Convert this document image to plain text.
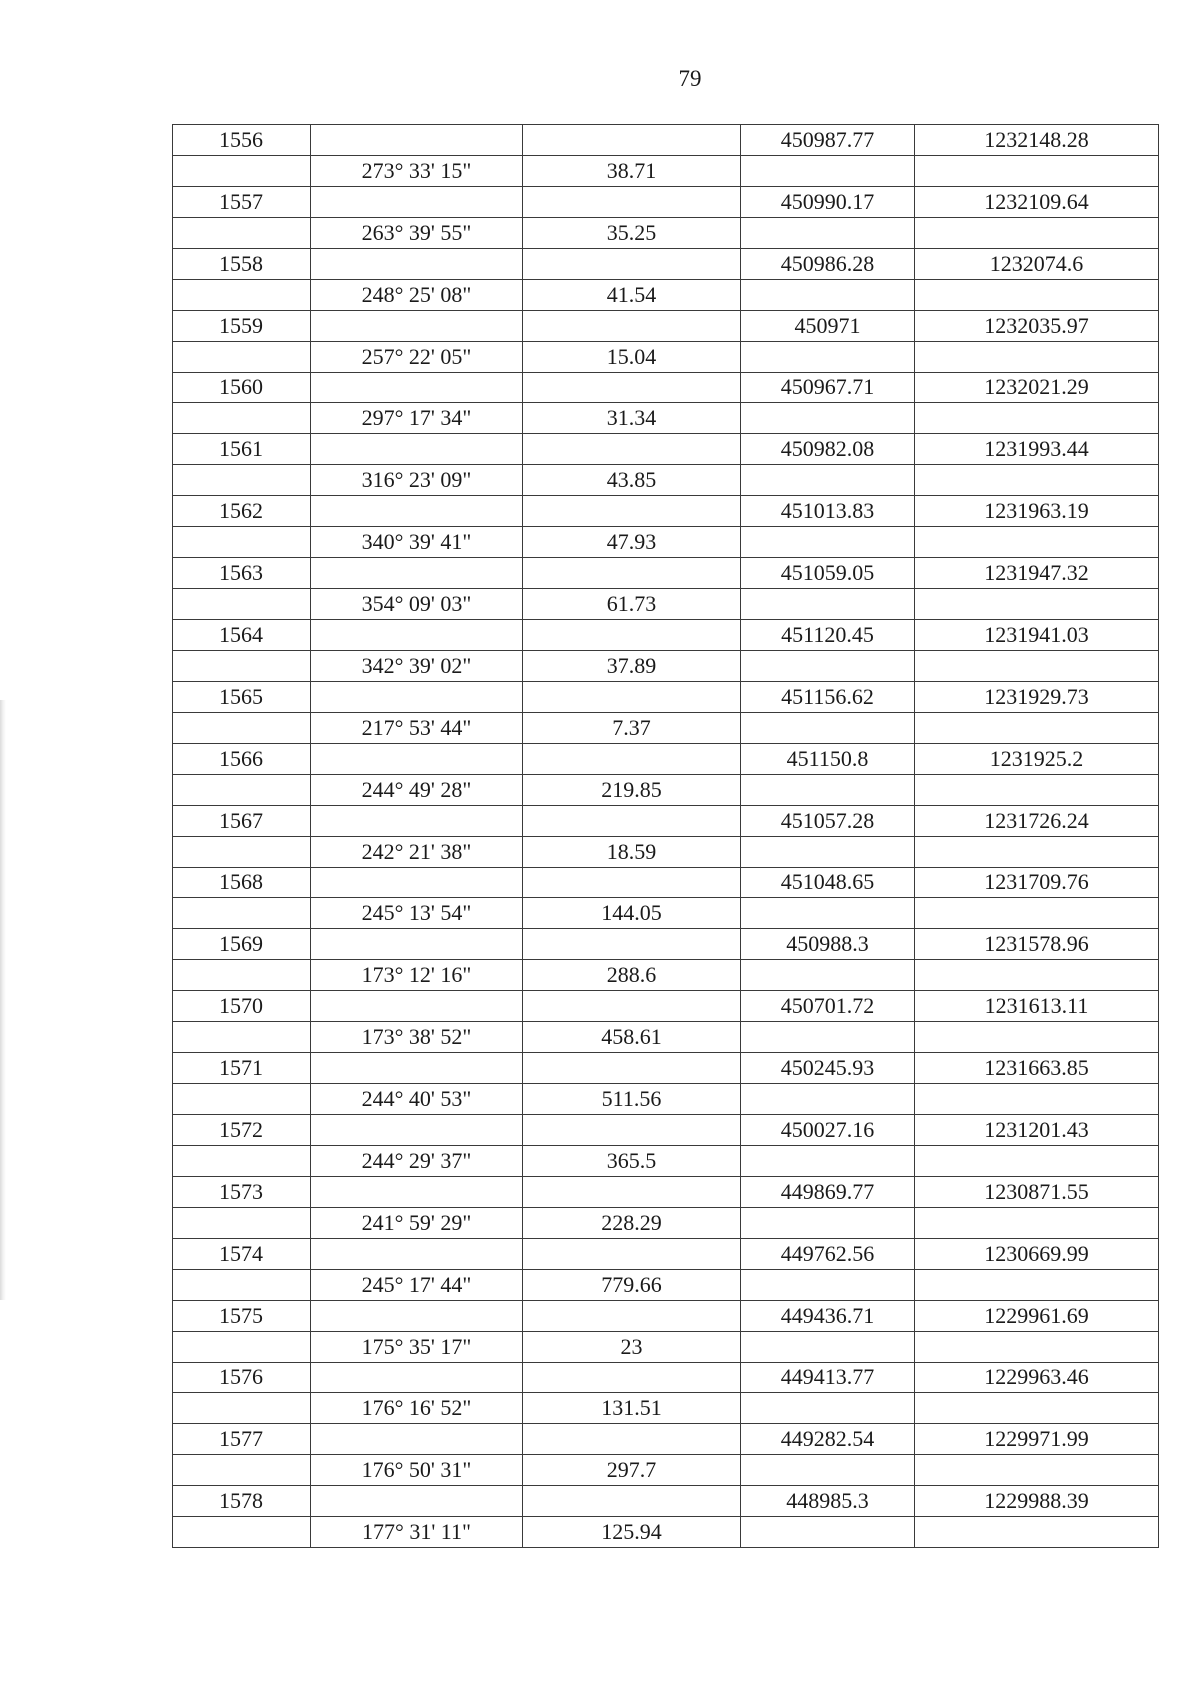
79
1556			450987.77	1232148.28
	273° 33' 15"	38.71		
1557			450990.17	1232109.64
	263° 39' 55"	35.25		
1558			450986.28	1232074.6
	248° 25' 08"	41.54		
1559			450971	1232035.97
	257° 22' 05"	15.04		
1560			450967.71	1232021.29
	297° 17' 34"	31.34		
1561			450982.08	1231993.44
	316° 23' 09"	43.85		
1562			451013.83	1231963.19
	340° 39' 41"	47.93		
1563			451059.05	1231947.32
	354° 09' 03"	61.73		
1564			451120.45	1231941.03
	342° 39' 02"	37.89		
1565			451156.62	1231929.73
	217° 53' 44"	7.37		
1566			451150.8	1231925.2
	244° 49' 28"	219.85		
1567			451057.28	1231726.24
	242° 21' 38"	18.59		
1568			451048.65	1231709.76
	245° 13' 54"	144.05		
1569			450988.3	1231578.96
	173° 12' 16"	288.6		
1570			450701.72	1231613.11
	173° 38' 52"	458.61		
1571			450245.93	1231663.85
	244° 40' 53"	511.56		
1572			450027.16	1231201.43
	244° 29' 37"	365.5		
1573			449869.77	1230871.55
	241° 59' 29"	228.29		
1574			449762.56	1230669.99
	245° 17' 44"	779.66		
1575			449436.71	1229961.69
	175° 35' 17"	23		
1576			449413.77	1229963.46
	176° 16' 52"	131.51		
1577			449282.54	1229971.99
	176° 50' 31"	297.7		
1578			448985.3	1229988.39
	177° 31' 11"	125.94		
